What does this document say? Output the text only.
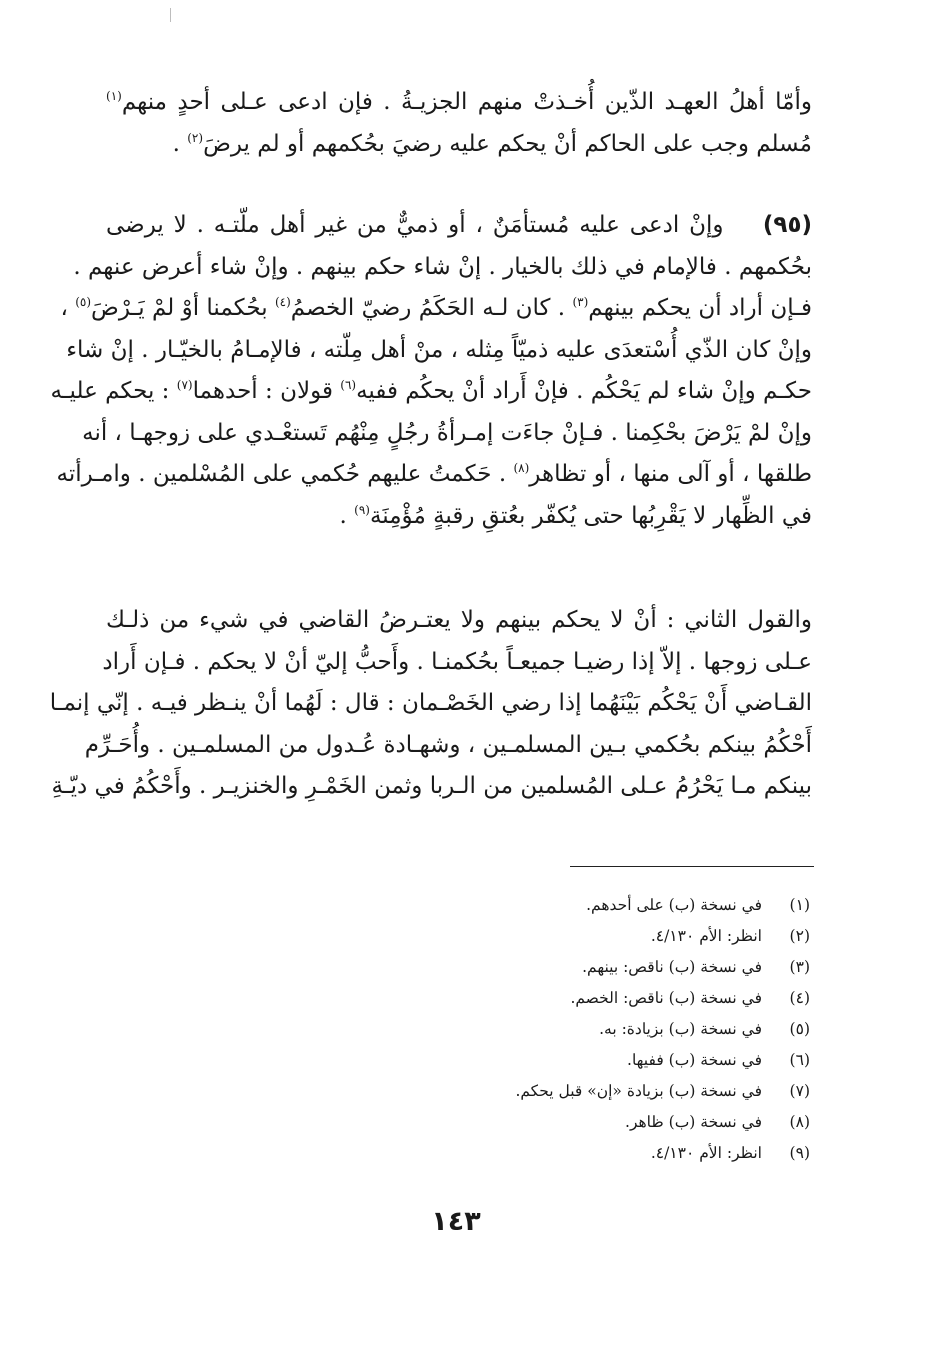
وأمّا أهلُ العهـد الذّين أُخـذتْ منهم الجزيـةُ . فإن ادعى عـلى أحدٍ منهم$^{(١)}$
مُسلم وجب على الحاكم أنْ يحكم عليه رضيَ بحُكمهم أو لم يرضَ$^{(٢)}$ .
(٩٥)    وإنْ ادعى عليه مُستأمَنٌ ، أو ذميٌّ من غير أهل ملّتـه . لا يرضى
بحُكمهم . فالإمام في ذلك بالخيار . إنْ شاء حكم بينهم . وإنْ شاء أعرض عنهم .
فـإن أراد أن يحكم بينهم$^{(٣)}$ . كان لـه الحَكَمُ رضيّ الخصمُ$^{(٤)}$ بحُكمنا أوْ لمْ يَـرْضَ$^{(٥)}$ ،
وإنْ كان الذّي أُسْتعدَى عليه ذميّاً مِثله ، منْ أهل مِلّته ، فالإمـامُ بالخيّـار . إنْ شاء
حكـم وإنْ شاء لم يَحْكُم . فإنْ أَراد أنْ يحكُم ففيه$^{(٦)}$ قولان : أحدهما$^{(٧)}$ : يحكم عليـه
وإنْ لمْ يَرْضَ بحْكِمنا . فـإنْ جاءَت إمـرأةُ رجُلٍ مِنْهُم تَستعْـدي على زوجهـا ، أنه
طلقها ، أو آلى منها ، أو تظاهر$^{(٨)}$ . حَكمتُ عليهم حُكمي على المُسْلمين . وامـرأته
في الظِّهار لا يَقْرِبُها حتى يُكفّر بعُتقِ رقبةٍ مُؤْمِنَة$^{(٩)}$ .
والقول الثاني : أنْ لا يحكم بينهم ولا يعتـرضُ القاضي في شيء من ذلـك
عـلى زوجها . إلاّ إذا رضيـا جميعـاً بحُكمنـا . وأَحبُّ إليّ أنْ لا يحكم . فـإن أَراد
القـاضي أَنْ يَحْكُم بَيْنَهُما إذا رضي الخَصْـمان : قال : لَهُما أنْ ينـظر فيـه . إنّي إنمـا
أَحْكُمُ بينكم بحُكمي بـين المسلمـين ، وشهـادة عُـدول من المسلمـين . وأُحَـرِّم
بينكم مـا يَحْرُمُ عـلى المُسلمين من الـربا وثمن الخَمْـرِ والخنزيـر . وأَحْكُمُ في ديّـةِ
(١)في نسخة (ب) على أحدهم.
(٢)انظر: الأم ٤/١٣٠.
(٣)في نسخة (ب) ناقص: بينهم.
(٤)في نسخة (ب) ناقص: الخصم.
(٥)في نسخة (ب) بزيادة: به.
(٦)في نسخة (ب) ففيها.
(٧)في نسخة (ب) بزيادة «إن» قبل يحكم.
(٨)في نسخة (ب) ظاهر.
(٩)انظر: الأم ٤/١٣٠.
١٤٣
